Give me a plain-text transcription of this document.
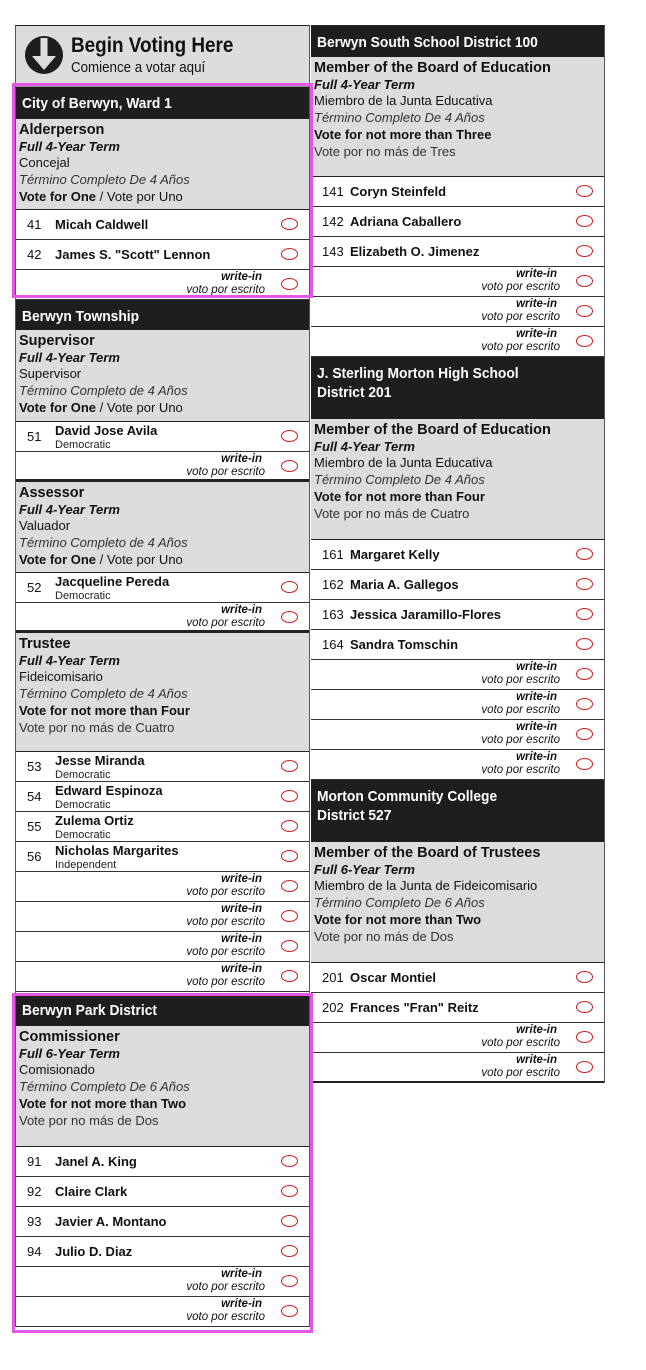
Begin Voting Here
Comience a votar aquí
City of Berwyn, Ward 1
Alderperson
Full 4-Year Term
Concejal
Término Completo De 4 Años
Vote for One / Vote por Uno
41 Micah Caldwell
42 James S. "Scott" Lennon
write-in
voto por escrito
Berwyn Township
Supervisor
Full 4-Year Term
Supervisor
Término Completo de 4 Años
Vote for One / Vote por Uno
51 David Jose Avila
Democratic
write-in
voto por escrito
Assessor
Full 4-Year Term
Valuador
Término Completo de 4 Años
Vote for One / Vote por Uno
52 Jacqueline Pereda
Democratic
write-in
voto por escrito
Trustee
Full 4-Year Term
Fideicomisario
Término Completo de 4 Años
Vote for not more than Four
Vote por no más de Cuatro
53 Jesse Miranda
Democratic
54 Edward Espinoza
Democratic
55 Zulema Ortiz
Democratic
56 Nicholas Margarites
Independent
write-in
voto por escrito
write-in
voto por escrito
write-in
voto por escrito
write-in
voto por escrito
Berwyn Park District
Commissioner
Full 6-Year Term
Comisionado
Término Completo De 6 Años
Vote for not more than Two
Vote por no más de Dos
91 Janel A. King
92 Claire Clark
93 Javier A. Montano
94 Julio D. Diaz
write-in
voto por escrito
write-in
voto por escrito
Berwyn South School District 100
Member of the Board of Education
Full 4-Year Term
Miembro de la Junta Educativa
Término Completo De 4 Años
Vote for not more than Three
Vote por no más de Tres
141 Coryn Steinfeld
142 Adriana Caballero
143 Elizabeth O. Jimenez
write-in
voto por escrito
write-in
voto por escrito
write-in
voto por escrito
J. Sterling Morton High School
District 201
Member of the Board of Education
Full 4-Year Term
Miembro de la Junta Educativa
Término Completo De 4 Años
Vote for not more than Four
Vote por no más de Cuatro
161 Margaret Kelly
162 Maria A. Gallegos
163 Jessica Jaramillo-Flores
164 Sandra Tomschin
write-in
voto por escrito
write-in
voto por escrito
write-in
voto por escrito
write-in
voto por escrito
Morton Community College
District 527
Member of the Board of Trustees
Full 6-Year Term
Miembro de la Junta de Fideicomisario
Término Completo De 6 Años
Vote for not more than Two
Vote por no más de Dos
201 Oscar Montiel
202 Frances "Fran" Reitz
write-in
voto por escrito
write-in
voto por escrito
